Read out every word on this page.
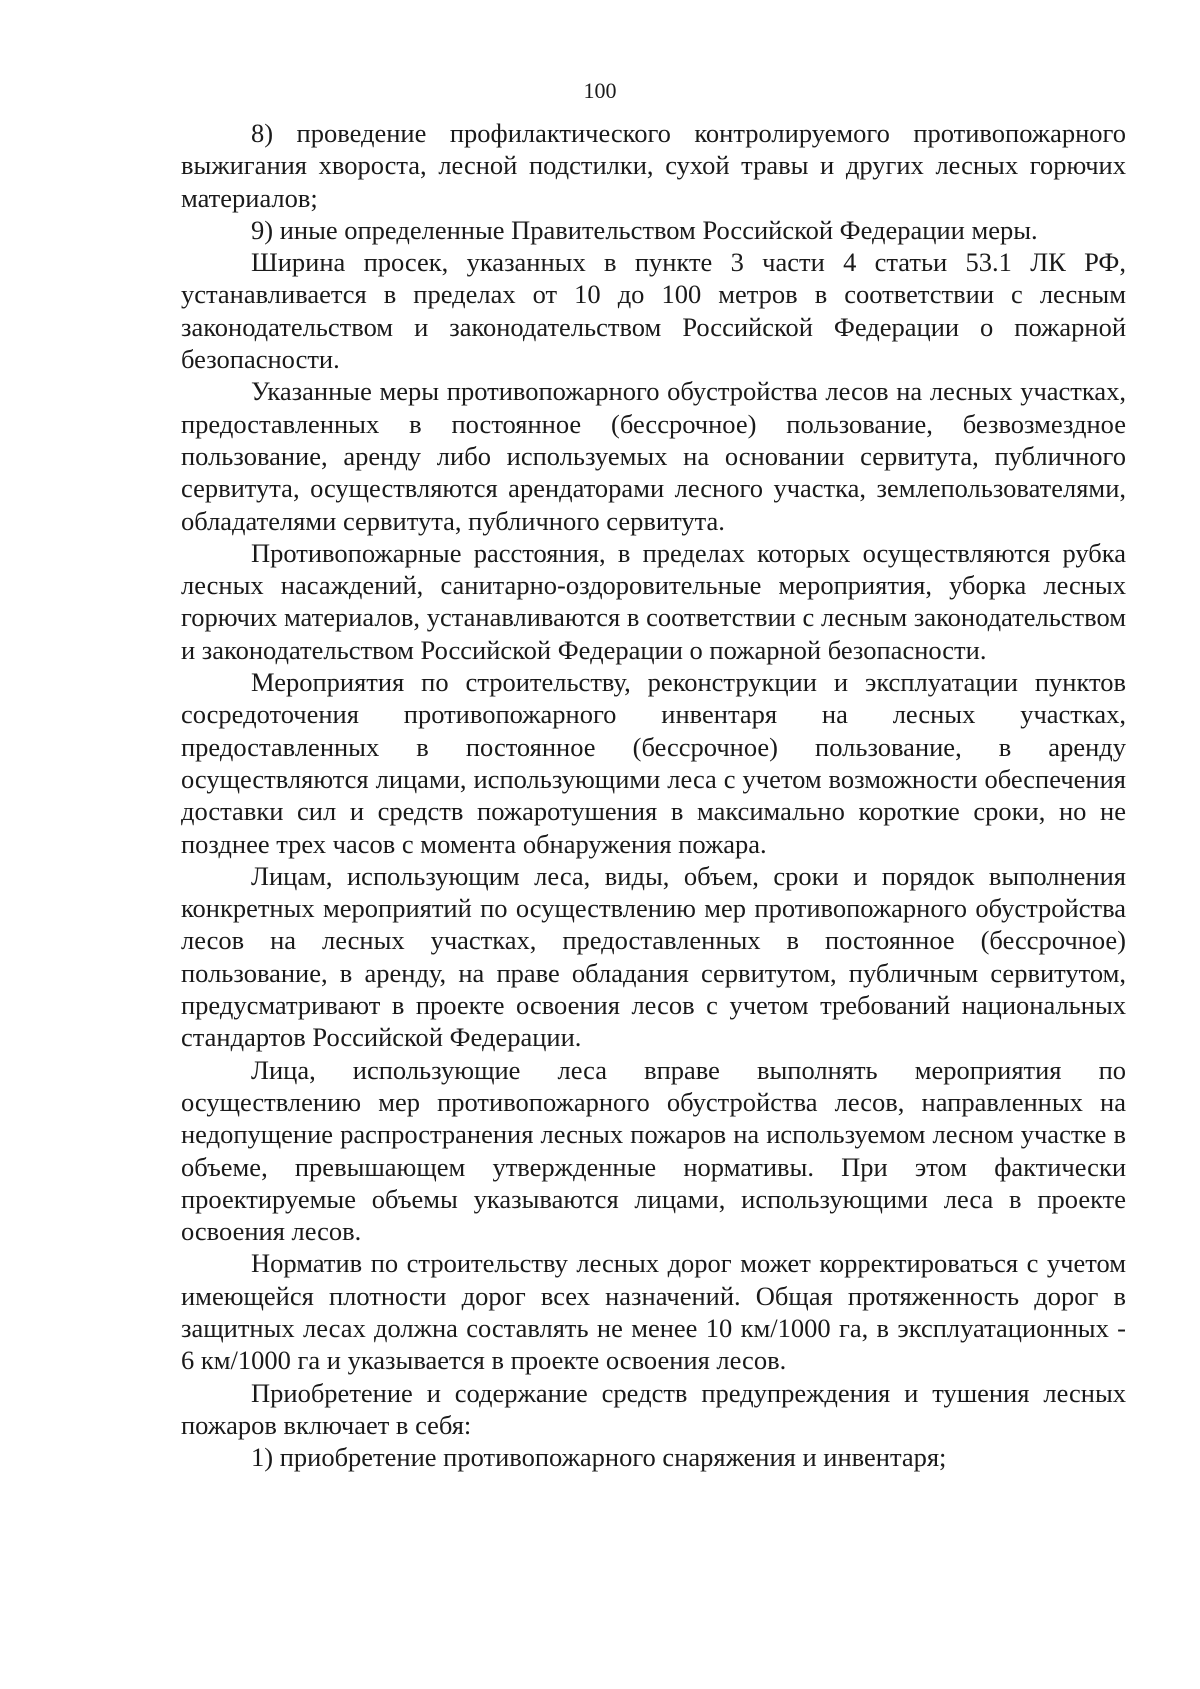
100

8) проведение профилактического контролируемого противопожарного выжигания хвороста, лесной подстилки, сухой травы и других лесных горючих материалов;

9) иные определенные Правительством Российской Федерации меры.

Ширина просек, указанных в пункте 3 части 4 статьи 53.1 ЛК РФ, устанавливается в пределах от 10 до 100 метров в соответствии с лесным законодательством и законодательством Российской Федерации о пожарной безопасности.

Указанные меры противопожарного обустройства лесов на лесных участках, предоставленных в постоянное (бессрочное) пользование, безвозмездное пользование, аренду либо используемых на основании сервитута, публичного сервитута, осуществляются арендаторами лесного участка, землепользователями, обладателями сервитута, публичного сервитута.

Противопожарные расстояния, в пределах которых осуществляются рубка лесных насаждений, санитарно-оздоровительные мероприятия, уборка лесных горючих материалов, устанавливаются в соответствии с лесным законодательством и законодательством Российской Федерации о пожарной безопасности.

Мероприятия по строительству, реконструкции и эксплуатации пунктов сосредоточения противопожарного инвентаря на лесных участках, предоставленных в постоянное (бессрочное) пользование, в аренду осуществляются лицами, использующими леса с учетом возможности обеспечения доставки сил и средств пожаротушения в максимально короткие сроки, но не позднее трех часов с момента обнаружения пожара.

Лицам, использующим леса, виды, объем, сроки и порядок выполнения конкретных мероприятий по осуществлению мер противопожарного обустройства лесов на лесных участках, предоставленных в постоянное (бессрочное) пользование, в аренду, на праве обладания сервитутом, публичным сервитутом, предусматривают в проекте освоения лесов с учетом требований национальных стандартов Российской Федерации.

Лица, использующие леса вправе выполнять мероприятия по осуществлению мер противопожарного обустройства лесов, направленных на недопущение распространения лесных пожаров на используемом лесном участке в объеме, превышающем утвержденные нормативы. При этом фактически проектируемые объемы указываются лицами, использующими леса в проекте освоения лесов.

Норматив по строительству лесных дорог может корректироваться с учетом имеющейся плотности дорог всех назначений. Общая протяженность дорог в защитных лесах должна составлять не менее 10 км/1000 га, в эксплуатационных - 6 км/1000 га и указывается в проекте освоения лесов.

Приобретение и содержание средств предупреждения и тушения лесных пожаров включает в себя:

1) приобретение противопожарного снаряжения и инвентаря;
